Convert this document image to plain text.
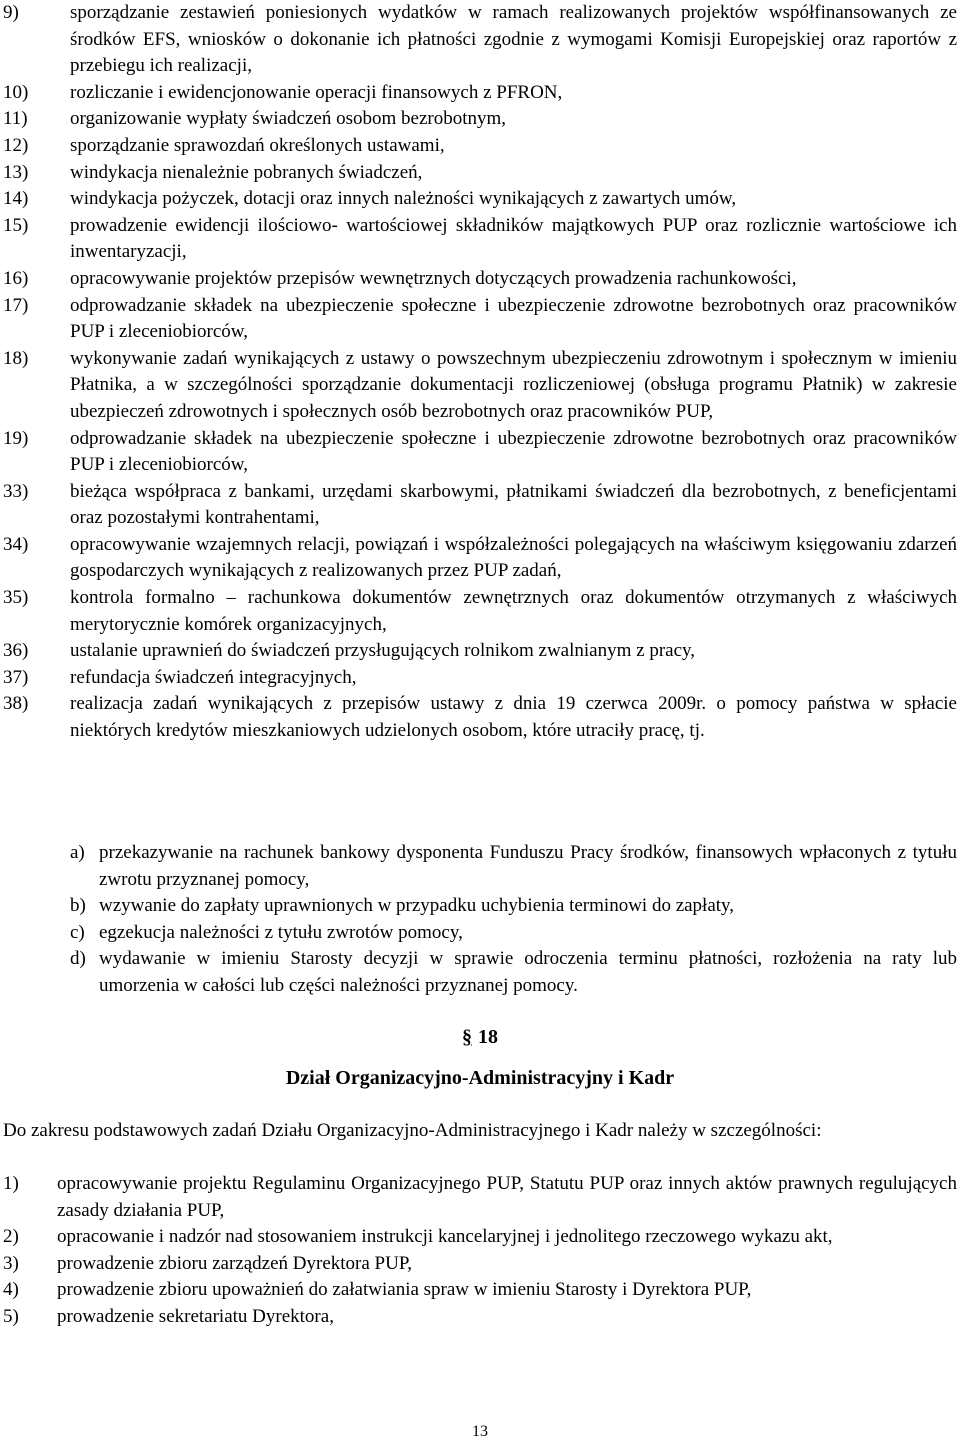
9)	sporządzanie zestawień poniesionych wydatków w ramach realizowanych projektów współfinansowanych ze środków EFS, wniosków o dokonanie ich płatności zgodnie z wymogami Komisji Europejskiej oraz raportów z przebiegu ich realizacji,
10) rozliczanie i ewidencjonowanie operacji finansowych z PFRON,
11) organizowanie wypłaty świadczeń osobom bezrobotnym,
12) sporządzanie sprawozdań określonych ustawami,
13) windykacja nienależnie pobranych świadczeń,
14) windykacja pożyczek, dotacji oraz innych należności wynikających z zawartych umów,
15) prowadzenie ewidencji ilościowo- wartościowej składników majątkowych PUP oraz rozlicznie wartościowe ich inwentaryzacji,
16) opracowywanie projektów przepisów wewnętrznych dotyczących prowadzenia rachunkowości,
17) odprowadzanie składek na ubezpieczenie społeczne i ubezpieczenie zdrowotne bezrobotnych oraz pracowników PUP i zleceniobiorców,
18) wykonywanie zadań wynikających z ustawy o powszechnym ubezpieczeniu zdrowotnym i społecznym w imieniu Płatnika, a w szczególności sporządzanie dokumentacji rozliczeniowej (obsługa programu Płatnik) w zakresie ubezpieczeń zdrowotnych i społecznych osób bezrobotnych oraz pracowników PUP,
19) odprowadzanie składek na ubezpieczenie społeczne i ubezpieczenie zdrowotne bezrobotnych oraz pracowników PUP i zleceniobiorców,
33) bieżąca współpraca z bankami, urzędami skarbowymi, płatnikami świadczeń dla bezrobotnych, z beneficjentami oraz pozostałymi kontrahentami,
34) opracowywanie wzajemnych relacji, powiązań i współzależności polegających na właściwym księgowaniu zdarzeń gospodarczych wynikających z realizowanych przez PUP zadań,
35) kontrola formalno – rachunkowa dokumentów zewnętrznych oraz dokumentów otrzymanych z właściwych merytorycznie komórek organizacyjnych,
36) ustalanie uprawnień do świadczeń przysługujących rolnikom zwalnianym z pracy,
37) refundacja świadczeń integracyjnych,
38) realizacja zadań wynikających z przepisów ustawy z dnia 19 czerwca 2009r. o pomocy państwa w spłacie niektórych kredytów mieszkaniowych udzielonych osobom, które utraciły pracę, tj.
a) przekazywanie na rachunek bankowy dysponenta Funduszu Pracy środków, finansowych wpłaconych z tytułu zwrotu przyznanej pomocy,
b) wzywanie do zapłaty uprawnionych w przypadku uchybienia terminowi do zapłaty,
c) egzekucja należności z tytułu zwrotów pomocy,
d) wydawanie w imieniu Starosty decyzji w sprawie odroczenia terminu płatności, rozłożenia na raty lub umorzenia w całości lub części należności przyznanej pomocy.
§ 18
Dział Organizacyjno-Administracyjny i Kadr
Do zakresu podstawowych zadań Działu Organizacyjno-Administracyjnego i Kadr należy w szczególności:
1) opracowywanie projektu Regulaminu Organizacyjnego PUP, Statutu PUP oraz innych aktów prawnych regulujących zasady działania PUP,
2) opracowanie i nadzór nad stosowaniem instrukcji kancelaryjnej i jednolitego rzeczowego wykazu akt,
3) prowadzenie zbioru zarządzeń Dyrektora PUP,
4) prowadzenie zbioru upoważnień do załatwiania spraw w imieniu Starosty i Dyrektora PUP,
5) prowadzenie sekretariatu Dyrektora,
13
